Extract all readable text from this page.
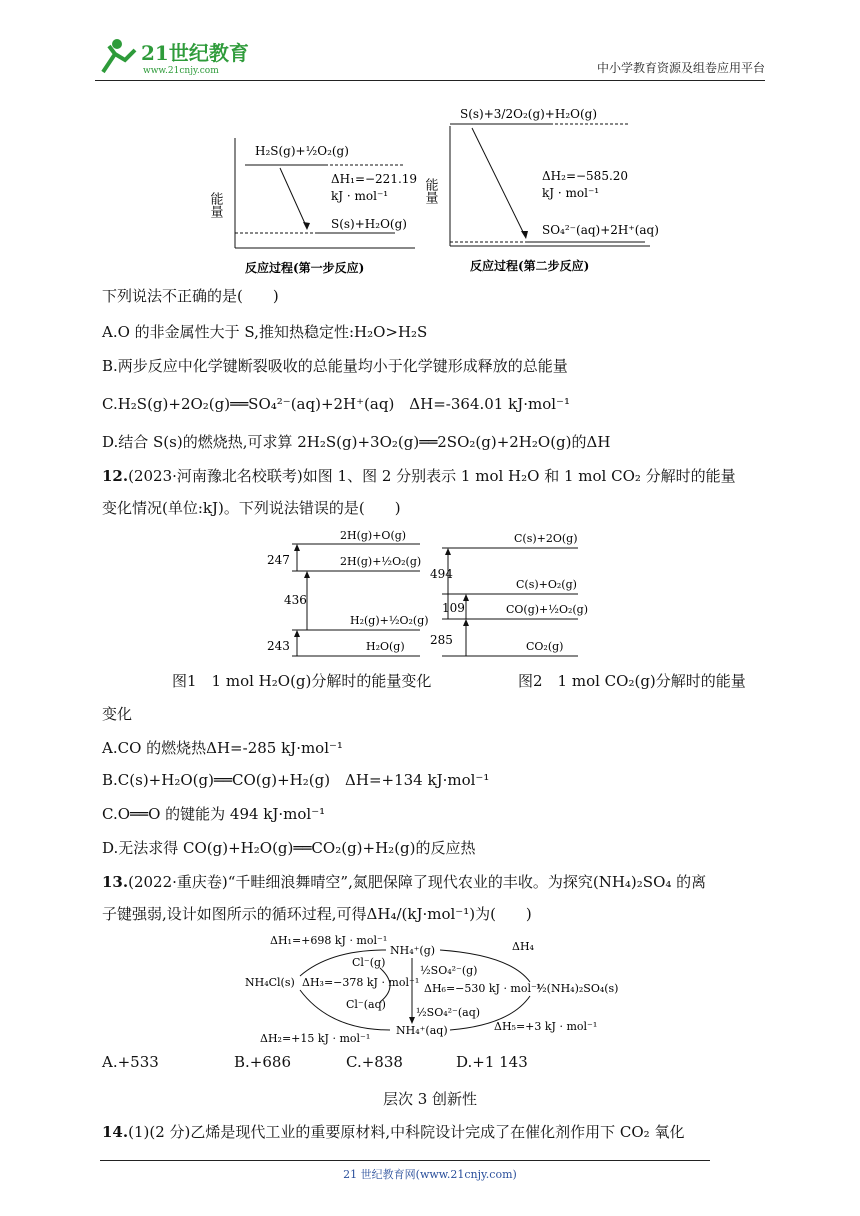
21世纪教育
www.21cnjy.com	中小学教育资源及组卷应用平台
能量
H₂S(g)+½O₂(g)
S(s)+H₂O(g)
ΔH₁=−221.19
kJ · mol⁻¹
反应过程(第一步反应)
能量
S(s)+3/2O₂(g)+H₂O(g)
SO₄²⁻(aq)+2H⁺(aq)
ΔH₂=−585.20
kJ · mol⁻¹
反应过程(第二步反应)
下列说法不正确的是(　　)
A.O 的非金属性大于 S,推知热稳定性:H₂O>H₂S
B.两步反应中化学键断裂吸收的总能量均小于化学键形成释放的总能量
C.H₂S(g)+2O₂(g)══SO₄²⁻(aq)+2H⁺(aq)　ΔH=-364.01 kJ·mol⁻¹
D.结合 S(s)的燃烧热,可求算 2H₂S(g)+3O₂(g)══2SO₂(g)+2H₂O(g)的ΔH
12.(2023·河南豫北名校联考)如图 1、图 2 分别表示 1 mol H₂O 和 1 mol CO₂ 分解时的能量
变化情况(单位:kJ)。下列说法错误的是(　　)
247
436
243
2H(g)+O(g)
2H(g)+½O₂(g)
H₂(g)+½O₂(g)
H₂O(g)
494
109
285
C(s)+2O(g)
C(s)+O₂(g)
CO(g)+½O₂(g)
CO₂(g)
图1　1 mol H₂O(g)分解时的能量变化	图2　1 mol CO₂(g)分解时的能量
变化
A.CO 的燃烧热ΔH=-285 kJ·mol⁻¹
B.C(s)+H₂O(g)══CO(g)+H₂(g)　ΔH=+134 kJ·mol⁻¹
C.O══O 的键能为 494 kJ·mol⁻¹
D.无法求得 CO(g)+H₂O(g)══CO₂(g)+H₂(g)的反应热
13.(2022·重庆卷)“千畦细浪舞晴空”,氮肥保障了现代农业的丰收。为探究(NH₄)₂SO₄ 的离
子键强弱,设计如图所示的循环过程,可得ΔH₄/(kJ·mol⁻¹)为(　　)
ΔH₁=+698 kJ · mol⁻¹
NH₄⁺(g)	ΔH₄
Cl⁻(g)
½SO₄²⁻(g)
NH₄Cl(s) ΔH₃=−378 kJ · mol⁻¹ ΔH₆=−530 kJ · mol⁻¹
½(NH₄)₂SO₄(s)
Cl⁻(aq)
½SO₄²⁻(aq)
ΔH₂=+15 kJ · mol⁻¹
NH₄⁺(aq)	ΔH₅=+3 kJ · mol⁻¹
A.+533	B.+686	C.+838	D.+1 143
层次 3 创新性
14.(1)(2 分)乙烯是现代工业的重要原材料,中科院设计完成了在催化剂作用下 CO₂ 氧化
21 世纪教育网(www.21cnjy.com)
